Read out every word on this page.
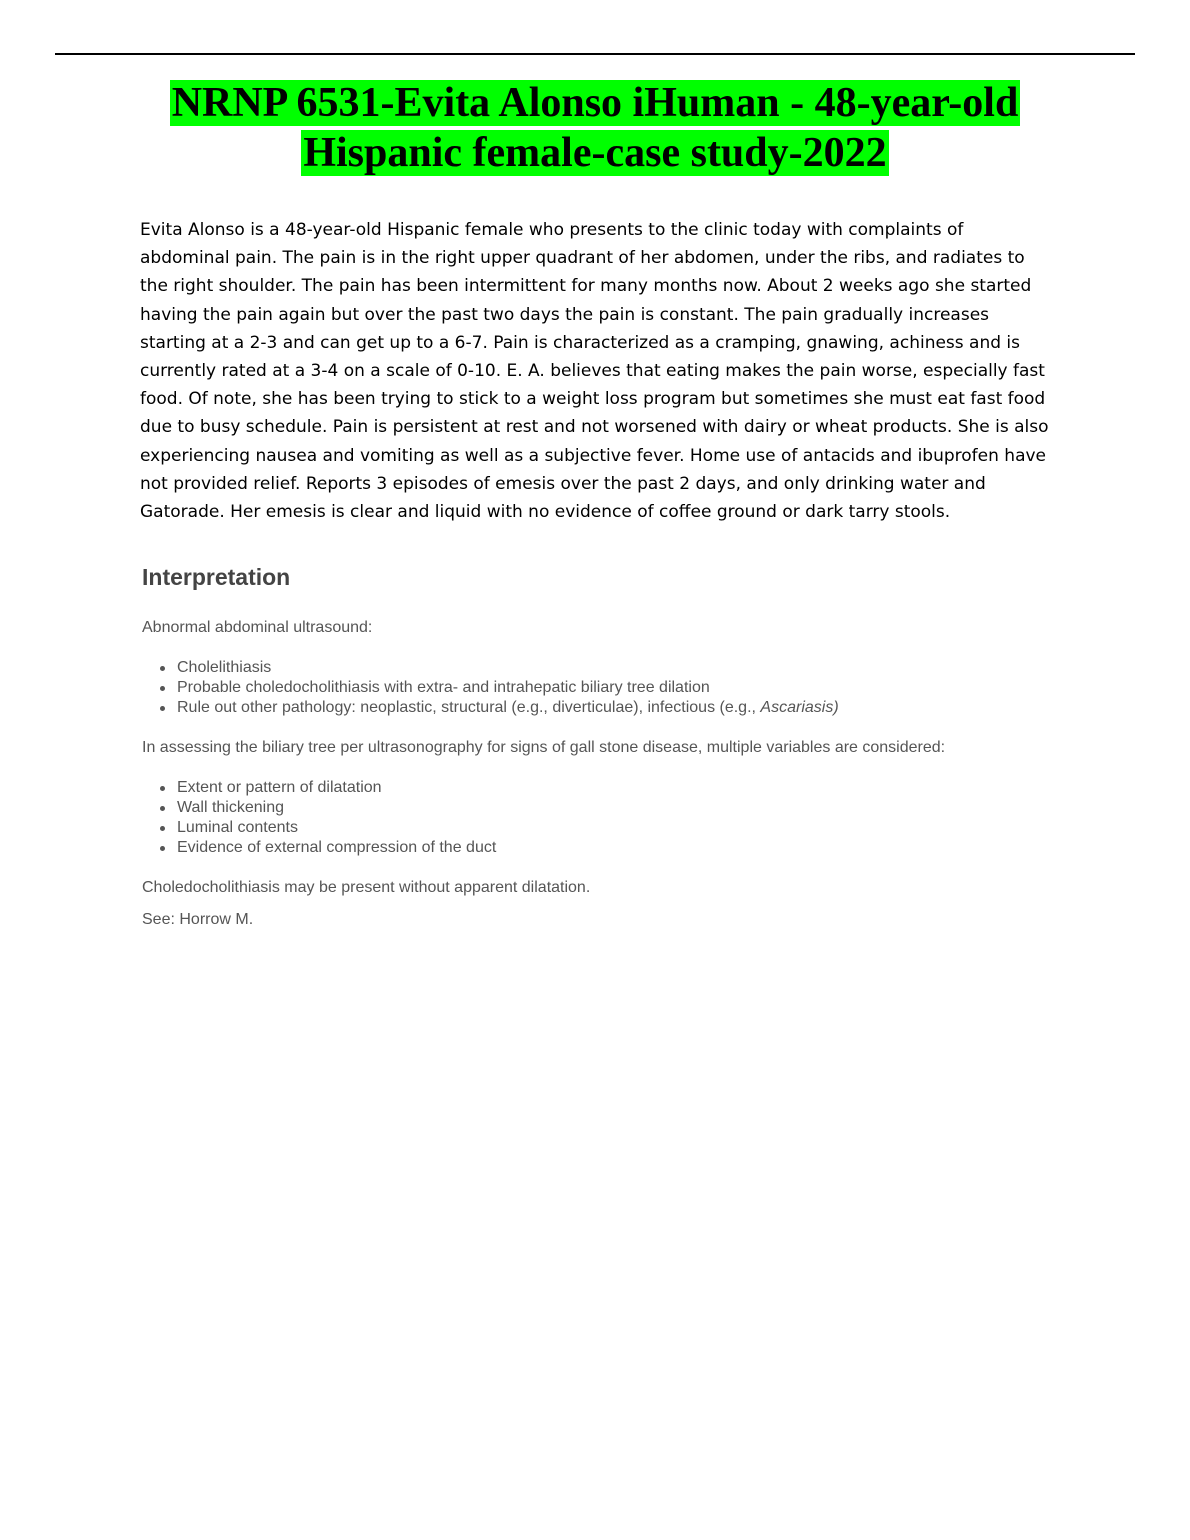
NRNP 6531-Evita Alonso iHuman - 48-year-old
Hispanic female-case study-2022

Evita Alonso is a 48-year-old Hispanic female who presents to the clinic today with complaints of abdominal pain. The pain is in the right upper quadrant of her abdomen, under the ribs, and radiates to the right shoulder. The pain has been intermittent for many months now. About 2 weeks ago she started having the pain again but over the past two days the pain is constant. The pain gradually increases starting at a 2-3 and can get up to a 6-7. Pain is characterized as a cramping, gnawing, achiness and is currently rated at a 3-4 on a scale of 0-10. E. A. believes that eating makes the pain worse, especially fast food. Of note, she has been trying to stick to a weight loss program but sometimes she must eat fast food due to busy schedule. Pain is persistent at rest and not worsened with dairy or wheat products. She is also experiencing nausea and vomiting as well as a subjective fever. Home use of antacids and ibuprofen have not provided relief. Reports 3 episodes of emesis over the past 2 days, and only drinking water and Gatorade. Her emesis is clear and liquid with no evidence of coffee ground or dark tarry stools.

Interpretation

Abnormal abdominal ultrasound:

Cholelithiasis
Probable choledocholithiasis with extra- and intrahepatic biliary tree dilation
Rule out other pathology: neoplastic, structural (e.g., diverticulae), infectious (e.g., Ascariasis)

In assessing the biliary tree per ultrasonography for signs of gall stone disease, multiple variables are considered:

Extent or pattern of dilatation
Wall thickening
Luminal contents
Evidence of external compression of the duct

Choledocholithiasis may be present without apparent dilatation.

See: Horrow M.
